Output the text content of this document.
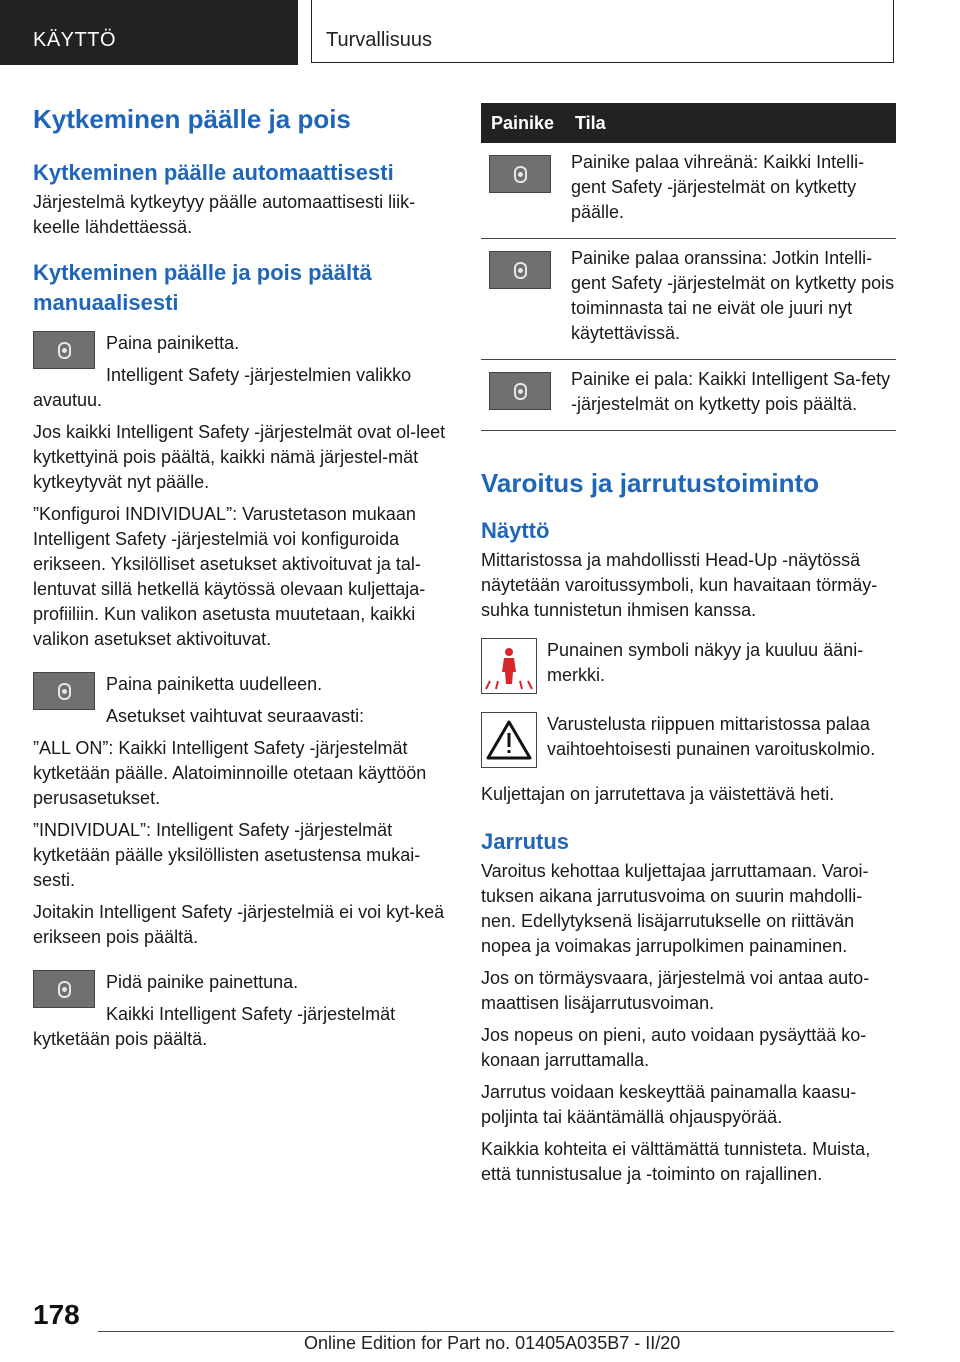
KÄYTTÖ	Turvallisuus
Kytkeminen päälle ja pois
Kytkeminen päälle automaattisesti

Järjestelmä kytkeytyy päälle automaattisesti liik-keelle lähdettäessä.

Kytkeminen päälle ja pois päältä manuaalisesti

Paina painiketta.

Intelligent Safety -järjestelmien valikko avautuu.

Jos kaikki Intelligent Safety -järjestelmät ovat ol-leet kytkettyinä pois päältä, kaikki nämä järjestel-mät kytkeytyvät nyt päälle.

”Konfiguroi INDIVIDUAL”: Varustetason mukaan Intelligent Safety -järjestelmiä voi konfiguroida erikseen. Yksilölliset asetukset aktivoituvat ja tal-lentuvat sillä hetkellä käytössä olevaan kuljettaja-profiiliin. Kun valikon asetusta muutetaan, kaikki valikon asetukset aktivoituvat.

Paina painiketta uudelleen.

Asetukset vaihtuvat seuraavasti:

”ALL ON”: Kaikki Intelligent Safety -järjestelmät kytketään päälle. Alatoiminnoille otetaan käyttöön perusasetukset.

”INDIVIDUAL”: Intelligent Safety -järjestelmät kytketään päälle yksilöllisten asetustensa mukai-sesti.

Joitakin Intelligent Safety -järjestelmiä ei voi kyt-keä erikseen pois päältä.

Pidä painike painettuna.

Kaikki Intelligent Safety -järjestelmät kytketään pois päältä.

Painike	Tila

	Painike palaa vihreänä: Kaikki Intelli-gent Safety -järjestelmät on kytketty päälle.

	Painike palaa oranssina: Jotkin Intelli-gent Safety -järjestelmät on kytketty pois toiminnasta tai ne eivät ole juuri nyt käytettävissä.

	Painike ei pala: Kaikki Intelligent Sa-fety -järjestelmät on kytketty pois päältä.
Varoitus ja jarrutustoiminto
Näyttö

Mittaristossa ja mahdollissti Head-Up -näytössä näytetään varoitussymboli, kun havaitaan törmäy-suhka tunnistetun ihmisen kanssa.

Punainen symboli näkyy ja kuuluu ääni-merkki.

Varustelusta riippuen mittaristossa palaa vaihtoehtoisesti punainen varoituskolmio.

Kuljettajan on jarrutettava ja väistettävä heti.

Jarrutus

Varoitus kehottaa kuljettajaa jarruttamaan. Varoi-tuksen aikana jarrutusvoima on suurin mahdolli-nen. Edellytyksenä lisäjarrutukselle on riittävän nopea ja voimakas jarrupolkimen painaminen.

Jos on törmäysvaara, järjestelmä voi antaa auto-maattisen lisäjarrutusvoiman.

Jos nopeus on pieni, auto voidaan pysäyttää ko-konaan jarruttamalla.

Jarrutus voidaan keskeyttää painamalla kaasu-poljinta tai kääntämällä ohjauspyörää.

Kaikkia kohteita ei välttämättä tunnisteta. Muista, että tunnistusalue ja -toiminto on rajallinen.

178
Online Edition for Part no. 01405A035B7 - II/20
